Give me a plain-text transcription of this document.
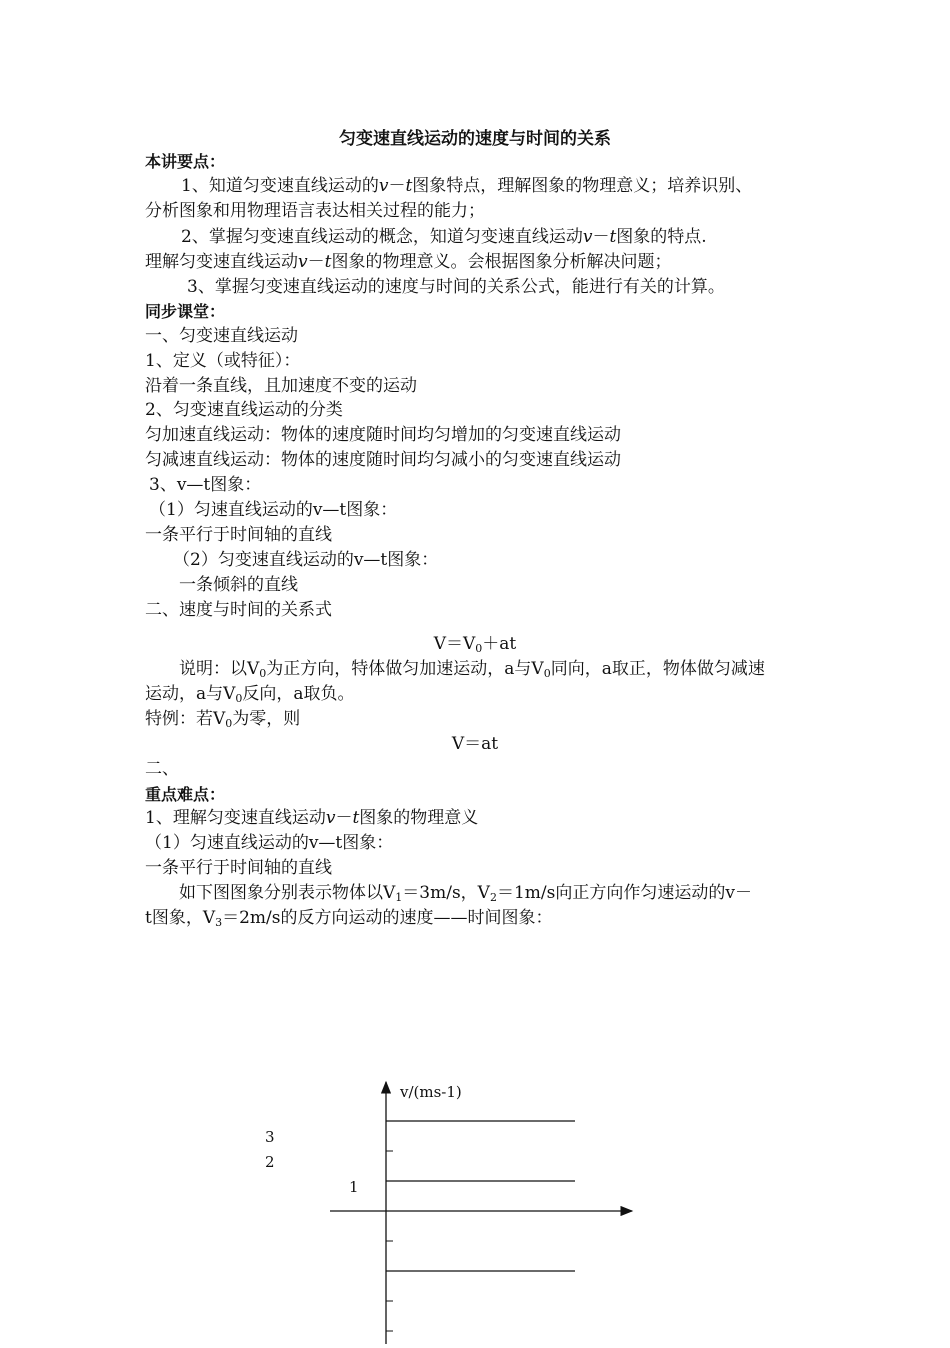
匀变速直线运动的速度与时间的关系
本讲要点：
1、知道匀变速直线运动的v－t图象特点，理解图象的物理意义；培养识别、
分析图象和用物理语言表达相关过程的能力；
2、掌握匀变速直线运动的概念，知道匀变速直线运动v－t图象的特点.
理解匀变速直线运动v－t图象的物理意义。会根据图象分析解决问题；
3、掌握匀变速直线运动的速度与时间的关系公式，能进行有关的计算。
同步课堂：
一、匀变速直线运动
1、定义（或特征）：
沿着一条直线，且加速度不变的运动
2、匀变速直线运动的分类
匀加速直线运动：物体的速度随时间均匀增加的匀变速直线运动
匀减速直线运动：物体的速度随时间均匀减小的匀变速直线运动
3、v—t图象：
（1）匀速直线运动的v—t图象：
一条平行于时间轴的直线
（2）匀变速直线运动的v—t图象：
一条倾斜的直线
二、速度与时间的关系式
$V=V_0+at$
说明：以$V_0$为正方向，特体做匀加速运动，a与$V_0$同向，a取正，物体做匀减速
运动，a与$V_0$反向，a取负。
特例：若$V_0$为零，则
V＝at
二、
重点难点：
1、理解匀变速直线运动v－t图象的物理意义
（1）匀速直线运动的v—t图象：
一条平行于时间轴的直线
如下图图象分别表示物体以$V_1=3m/s$，$V_2=1m/s$向正方向作匀速运动的v－
t图象，$V_3=2m/s$的反方向运动的速度——时间图象：
v/(ms-1)
3
2
1
